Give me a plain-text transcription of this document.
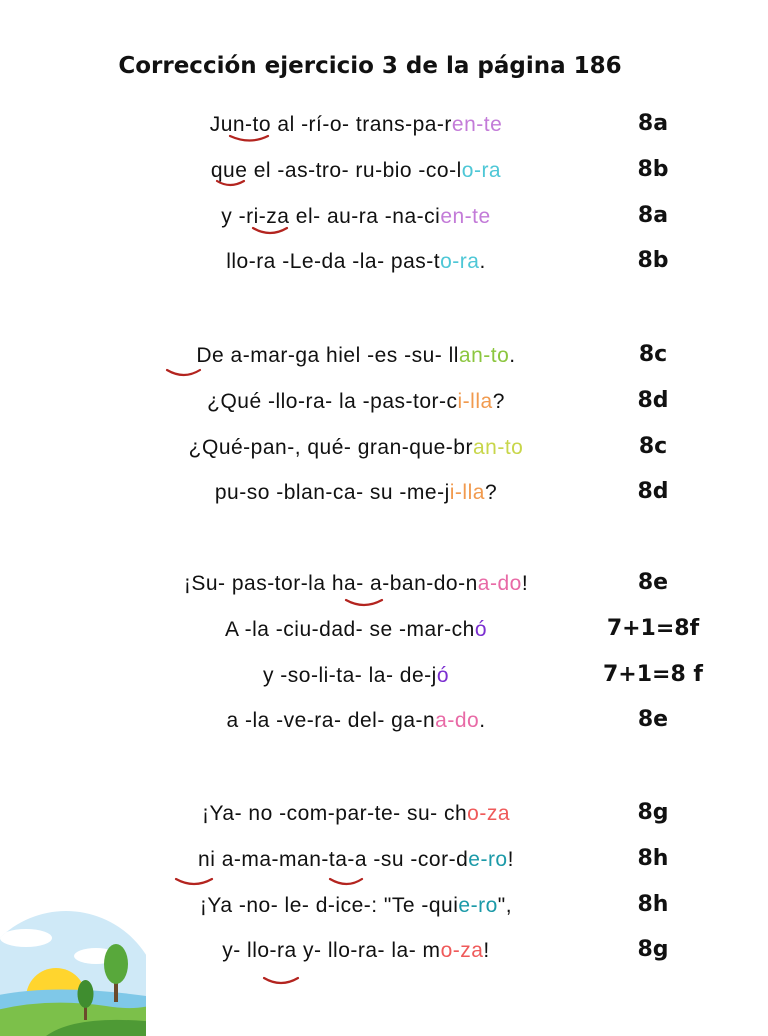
Corrección ejercicio 3 de la página 186
Jun-to al -rí-o- trans-pa-ren-te	8a
que el -as-tro- ru-bio -co-lo-ra	8b
y -ri-za el- au-ra -na-cien-te	8a
llo-ra -Le-da -la- pas-to-ra.	8b
De a-mar-ga hiel -es -su- llan-to.	8c
¿Qué -llo-ra- la -pas-tor-ci-lla?	8d
¿Qué-pan-, qué- gran-que-bran-to	8c
pu-so -blan-ca- su -me-ji-lla?	8d
¡Su- pas-tor-la ha- a-ban-do-na-do!	8e
A -la -ciu-dad- se -mar-chó	7+1=8f
y -so-li-ta- la- de-jó	7+1=8 f
a -la -ve-ra- del- ga-na-do.	8e
¡Ya- no -com-par-te- su- cho-za	8g
ni a-ma-man-ta-a -su -cor-de-ro!	8h
¡Ya -no- le- d-ice-: "Te -quie-ro",	8h
y- llo-ra y- llo-ra- la- mo-za!	8g
